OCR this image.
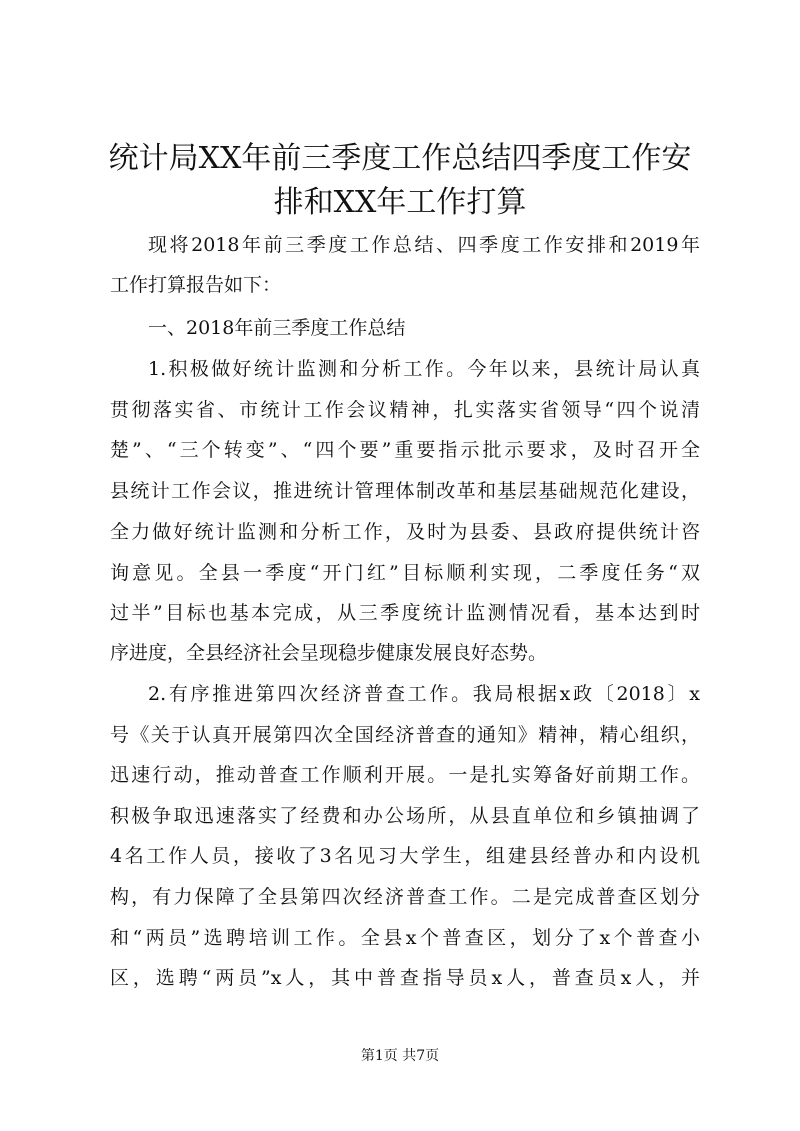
统计局XX年前三季度工作总结四季度工作安
排和XX年工作打算
现将2018年前三季度工作总结、四季度工作安排和2019年
工作打算报告如下：
一、2018年前三季度工作总结
1.积极做好统计监测和分析工作。今年以来，县统计局认真
贯彻落实省、市统计工作会议精神，扎实落实省领导“四个说清
楚”、“三个转变”、“四个要”重要指示批示要求，及时召开全
县统计工作会议，推进统计管理体制改革和基层基础规范化建设，
全力做好统计监测和分析工作，及时为县委、县政府提供统计咨
询意见。全县一季度“开门红”目标顺利实现，二季度任务“双
过半”目标也基本完成，从三季度统计监测情况看，基本达到时
序进度，全县经济社会呈现稳步健康发展良好态势。
2.有序推进第四次经济普查工作。我局根据x政〔2018〕x
号《关于认真开展第四次全国经济普查的通知》精神，精心组织，
迅速行动，推动普查工作顺利开展。一是扎实筹备好前期工作。
积极争取迅速落实了经费和办公场所，从县直单位和乡镇抽调了
4名工作人员，接收了3名见习大学生，组建县经普办和内设机
构，有力保障了全县第四次经济普查工作。二是完成普查区划分
和“两员”选聘培训工作。全县x个普查区，划分了x个普查小
区，选聘“两员”x人，其中普查指导员x人，普查员x人，并
第1页 共7页
